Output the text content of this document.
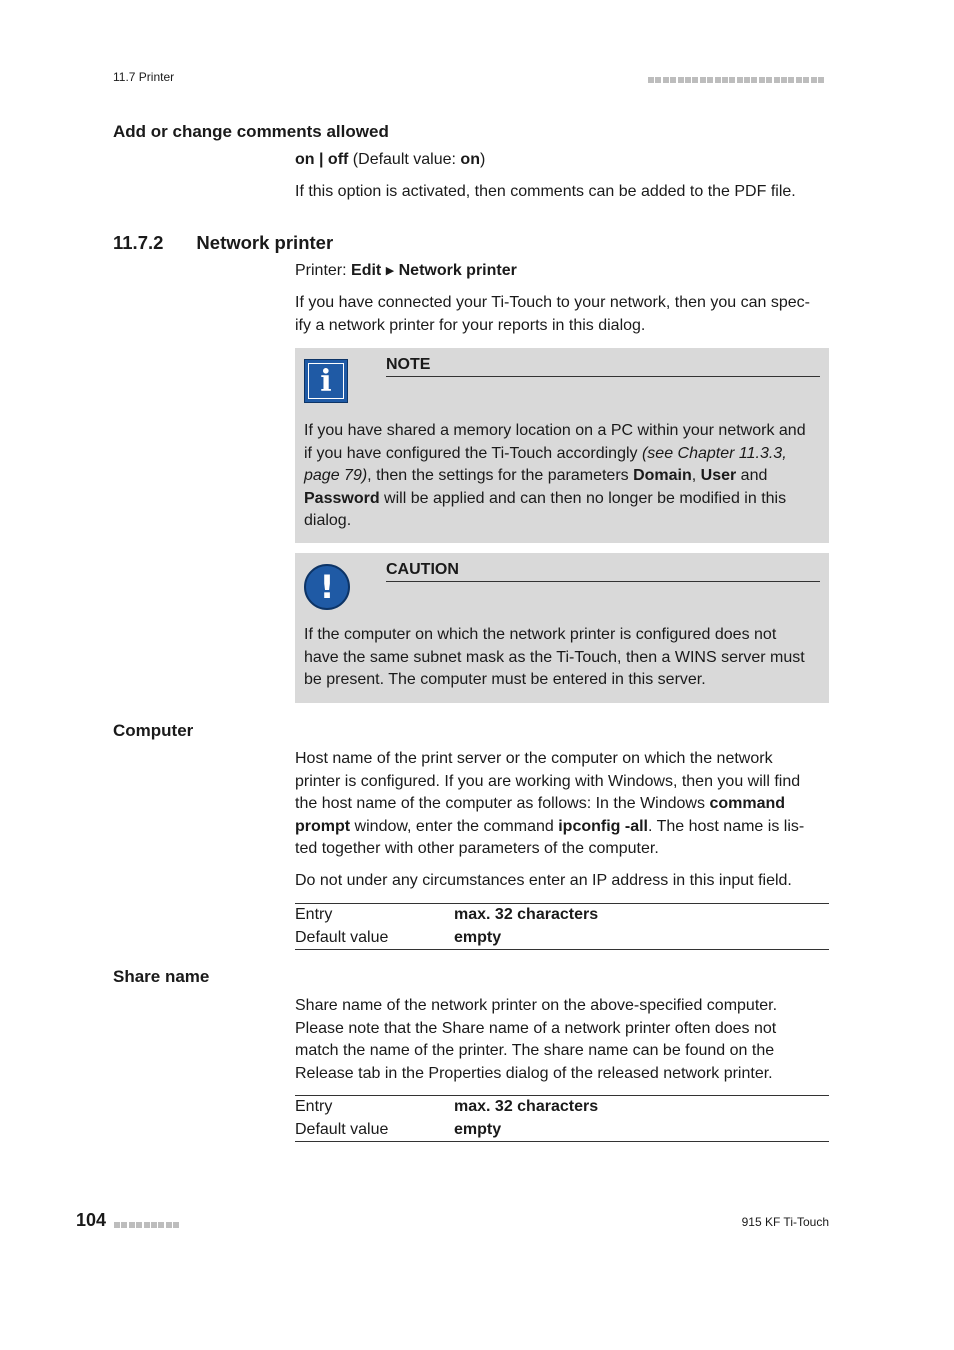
11.7 Printer
Add or change comments allowed
on | off (Default value: on)
If this option is activated, then comments can be added to the PDF file.
11.7.2 Network printer
Printer: Edit ▶ Network printer
If you have connected your Ti-Touch to your network, then you can spec-
ify a network printer for your reports in this dialog.
i	NOTE
If you have shared a memory location on a PC within your network and
if you have configured the Ti-Touch accordingly (see Chapter 11.3.3,
page 79), then the settings for the parameters Domain, User and
Password will be applied and can then no longer be modified in this
dialog.
!	CAUTION
If the computer on which the network printer is configured does not
have the same subnet mask as the Ti-Touch, then a WINS server must
be present. The computer must be entered in this server.
Computer
Host name of the print server or the computer on which the network
printer is configured. If you are working with Windows, then you will find
the host name of the computer as follows: In the Windows command
prompt window, enter the command ipconfig -all. The host name is lis-
ted together with other parameters of the computer.
Do not under any circumstances enter an IP address in this input field.
Entry	max. 32 characters
Default value	empty
Share name
Share name of the network printer on the above-specified computer.
Please note that the Share name of a network printer often does not
match the name of the printer. The share name can be found on the
Release tab in the Properties dialog of the released network printer.
Entry	max. 32 characters
Default value	empty
104	915 KF Ti-Touch
